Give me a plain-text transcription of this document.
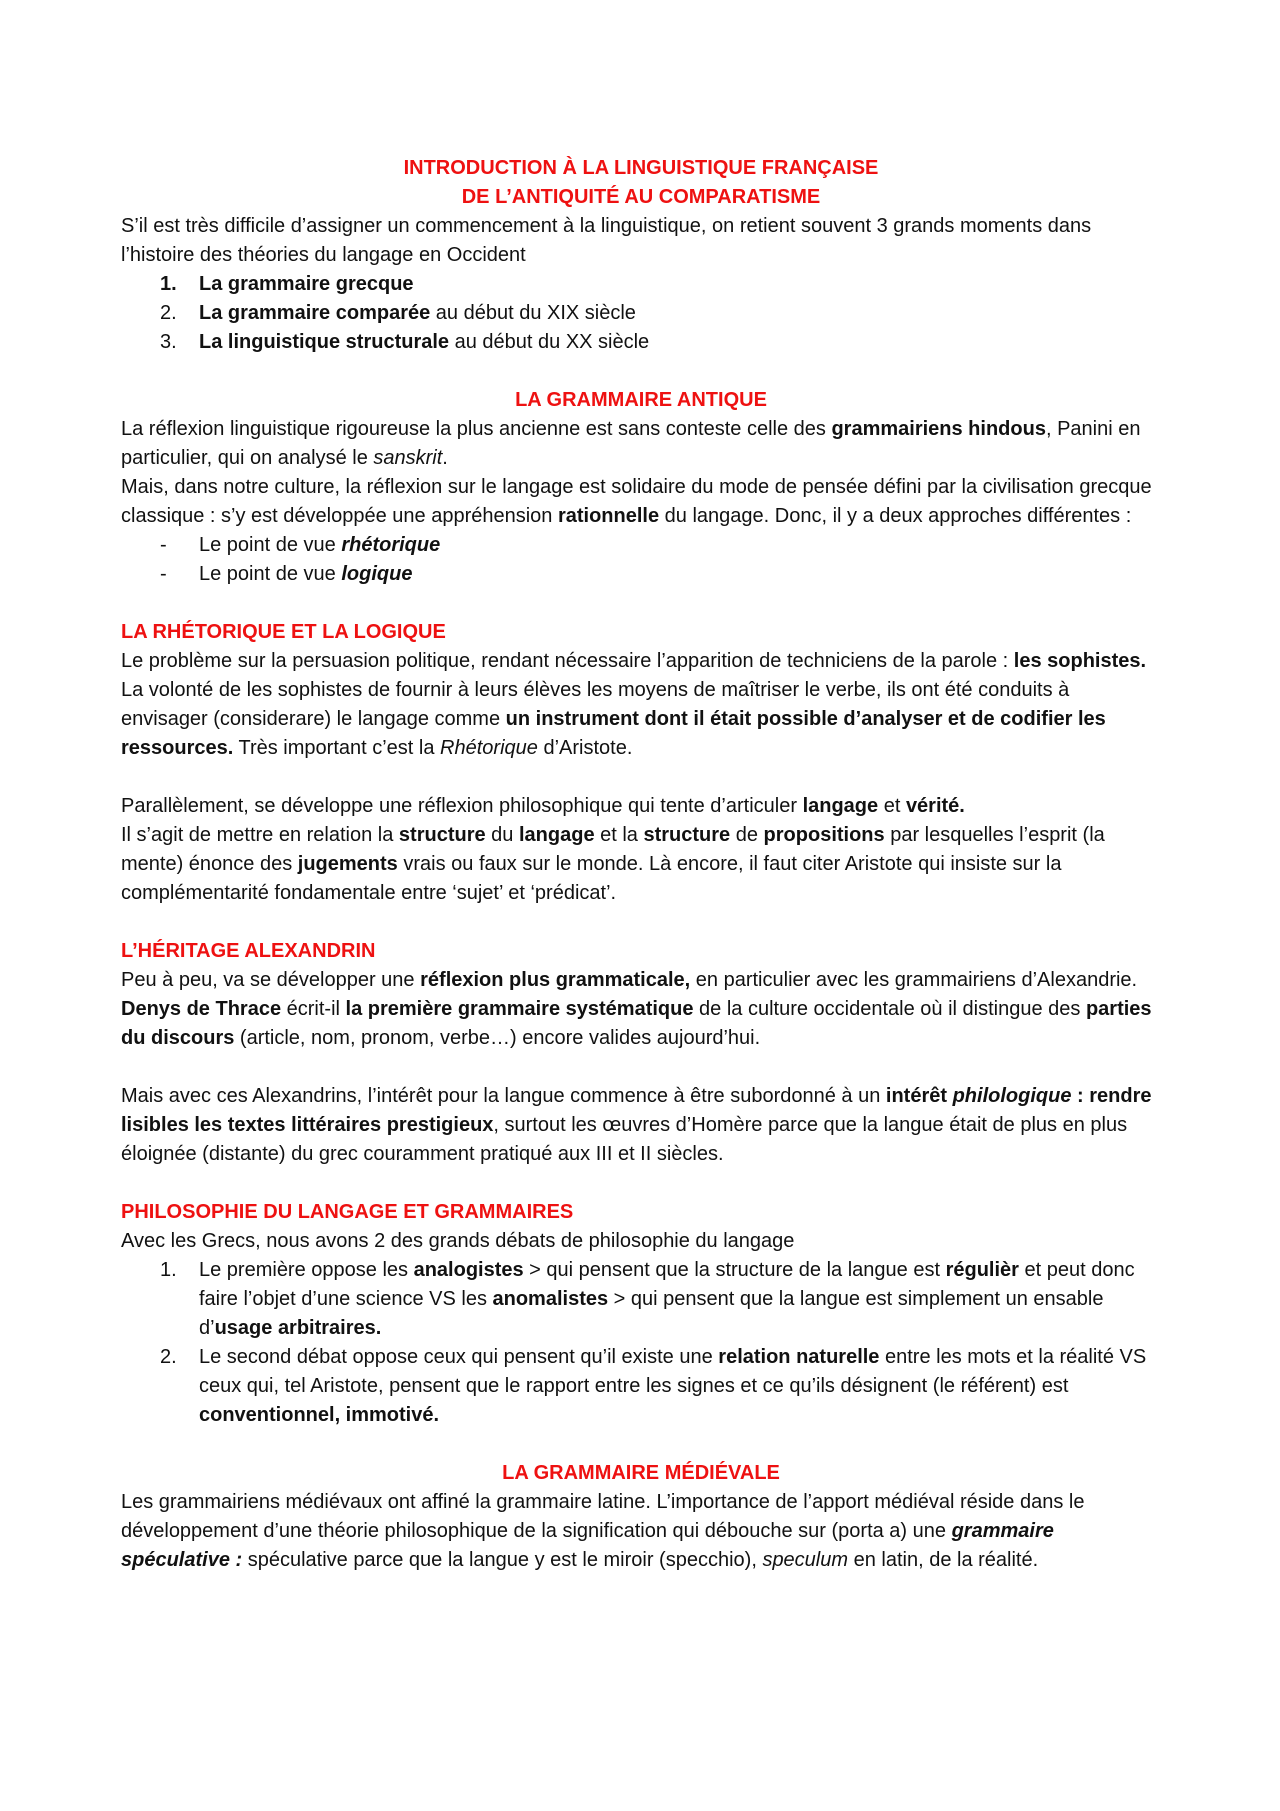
INTRODUCTION À LA LINGUISTIQUE FRANÇAISE

DE L’ANTIQUITÉ AU COMPARATISME

S’il est très difficile d’assigner un commencement à la linguistique, on retient souvent 3 grands moments dans l’histoire des théories du langage en Occident

1. La grammaire grecque
2. La grammaire comparée au début du XIX siècle
3. La linguistique structurale au début du XX siècle

LA GRAMMAIRE ANTIQUE

La réflexion linguistique rigoureuse la plus ancienne est sans conteste celle des grammairiens hindous, Panini en particulier, qui on analysé le sanskrit.

Mais, dans notre culture, la réflexion sur le langage est solidaire du mode de pensée défini par la civilisation grecque classique : s’y est développée une appréhension rationnelle du langage. Donc, il y a deux approches différentes :

- Le point de vue rhétorique
- Le point de vue logique

LA RHÉTORIQUE ET LA LOGIQUE

Le problème sur la persuasion politique, rendant nécessaire l’apparition de techniciens de la parole : les sophistes.

La volonté de les sophistes de fournir à leurs élèves les moyens de maîtriser le verbe, ils ont été conduits à envisager (considerare) le langage comme un instrument dont il était possible d’analyser et de codifier les ressources. Très important c’est la Rhétorique d’Aristote.

Parallèlement, se développe une réflexion philosophique qui tente d’articuler langage et vérité.

Il s’agit de mettre en relation la structure du langage et la structure de propositions par lesquelles l’esprit (la mente) énonce des jugements vrais ou faux sur le monde. Là encore, il faut citer Aristote qui insiste sur la complémentarité fondamentale entre ‘sujet’ et ‘prédicat’.

L’HÉRITAGE ALEXANDRIN

Peu à peu, va se développer une réflexion plus grammaticale, en particulier avec les grammairiens d’Alexandrie. Denys de Thrace écrit-il la première grammaire systématique de la culture occidentale où il distingue des parties du discours (article, nom, pronom, verbe…) encore valides aujourd’hui.

Mais avec ces Alexandrins, l’intérêt pour la langue commence à être subordonné à un intérêt philologique : rendre lisibles les textes littéraires prestigieux, surtout les œuvres d’Homère parce que la langue était de plus en plus éloignée (distante) du grec couramment pratiqué aux III et II siècles.

PHILOSOPHIE DU LANGAGE ET GRAMMAIRES

Avec les Grecs, nous avons 2 des grands débats de philosophie du langage

1. Le première oppose les analogistes > qui pensent que la structure de la langue est régulièr et peut donc faire l’objet d’une science VS les anomalistes > qui pensent que la langue est simplement un ensable d’usage arbitraires.
2. Le second débat oppose ceux qui pensent qu’il existe une relation naturelle entre les mots et la réalité VS ceux qui, tel Aristote, pensent que le rapport entre les signes et ce qu’ils désignent (le référent) est conventionnel, immotivé.

LA GRAMMAIRE MÉDIÉVALE

Les grammairiens médiévaux ont affiné la grammaire latine. L’importance de l’apport médiéval réside dans le développement d’une théorie philosophique de la signification qui débouche sur (porta a) une grammaire spéculative : spéculative parce que la langue y est le miroir (specchio), speculum en latin, de la réalité.
